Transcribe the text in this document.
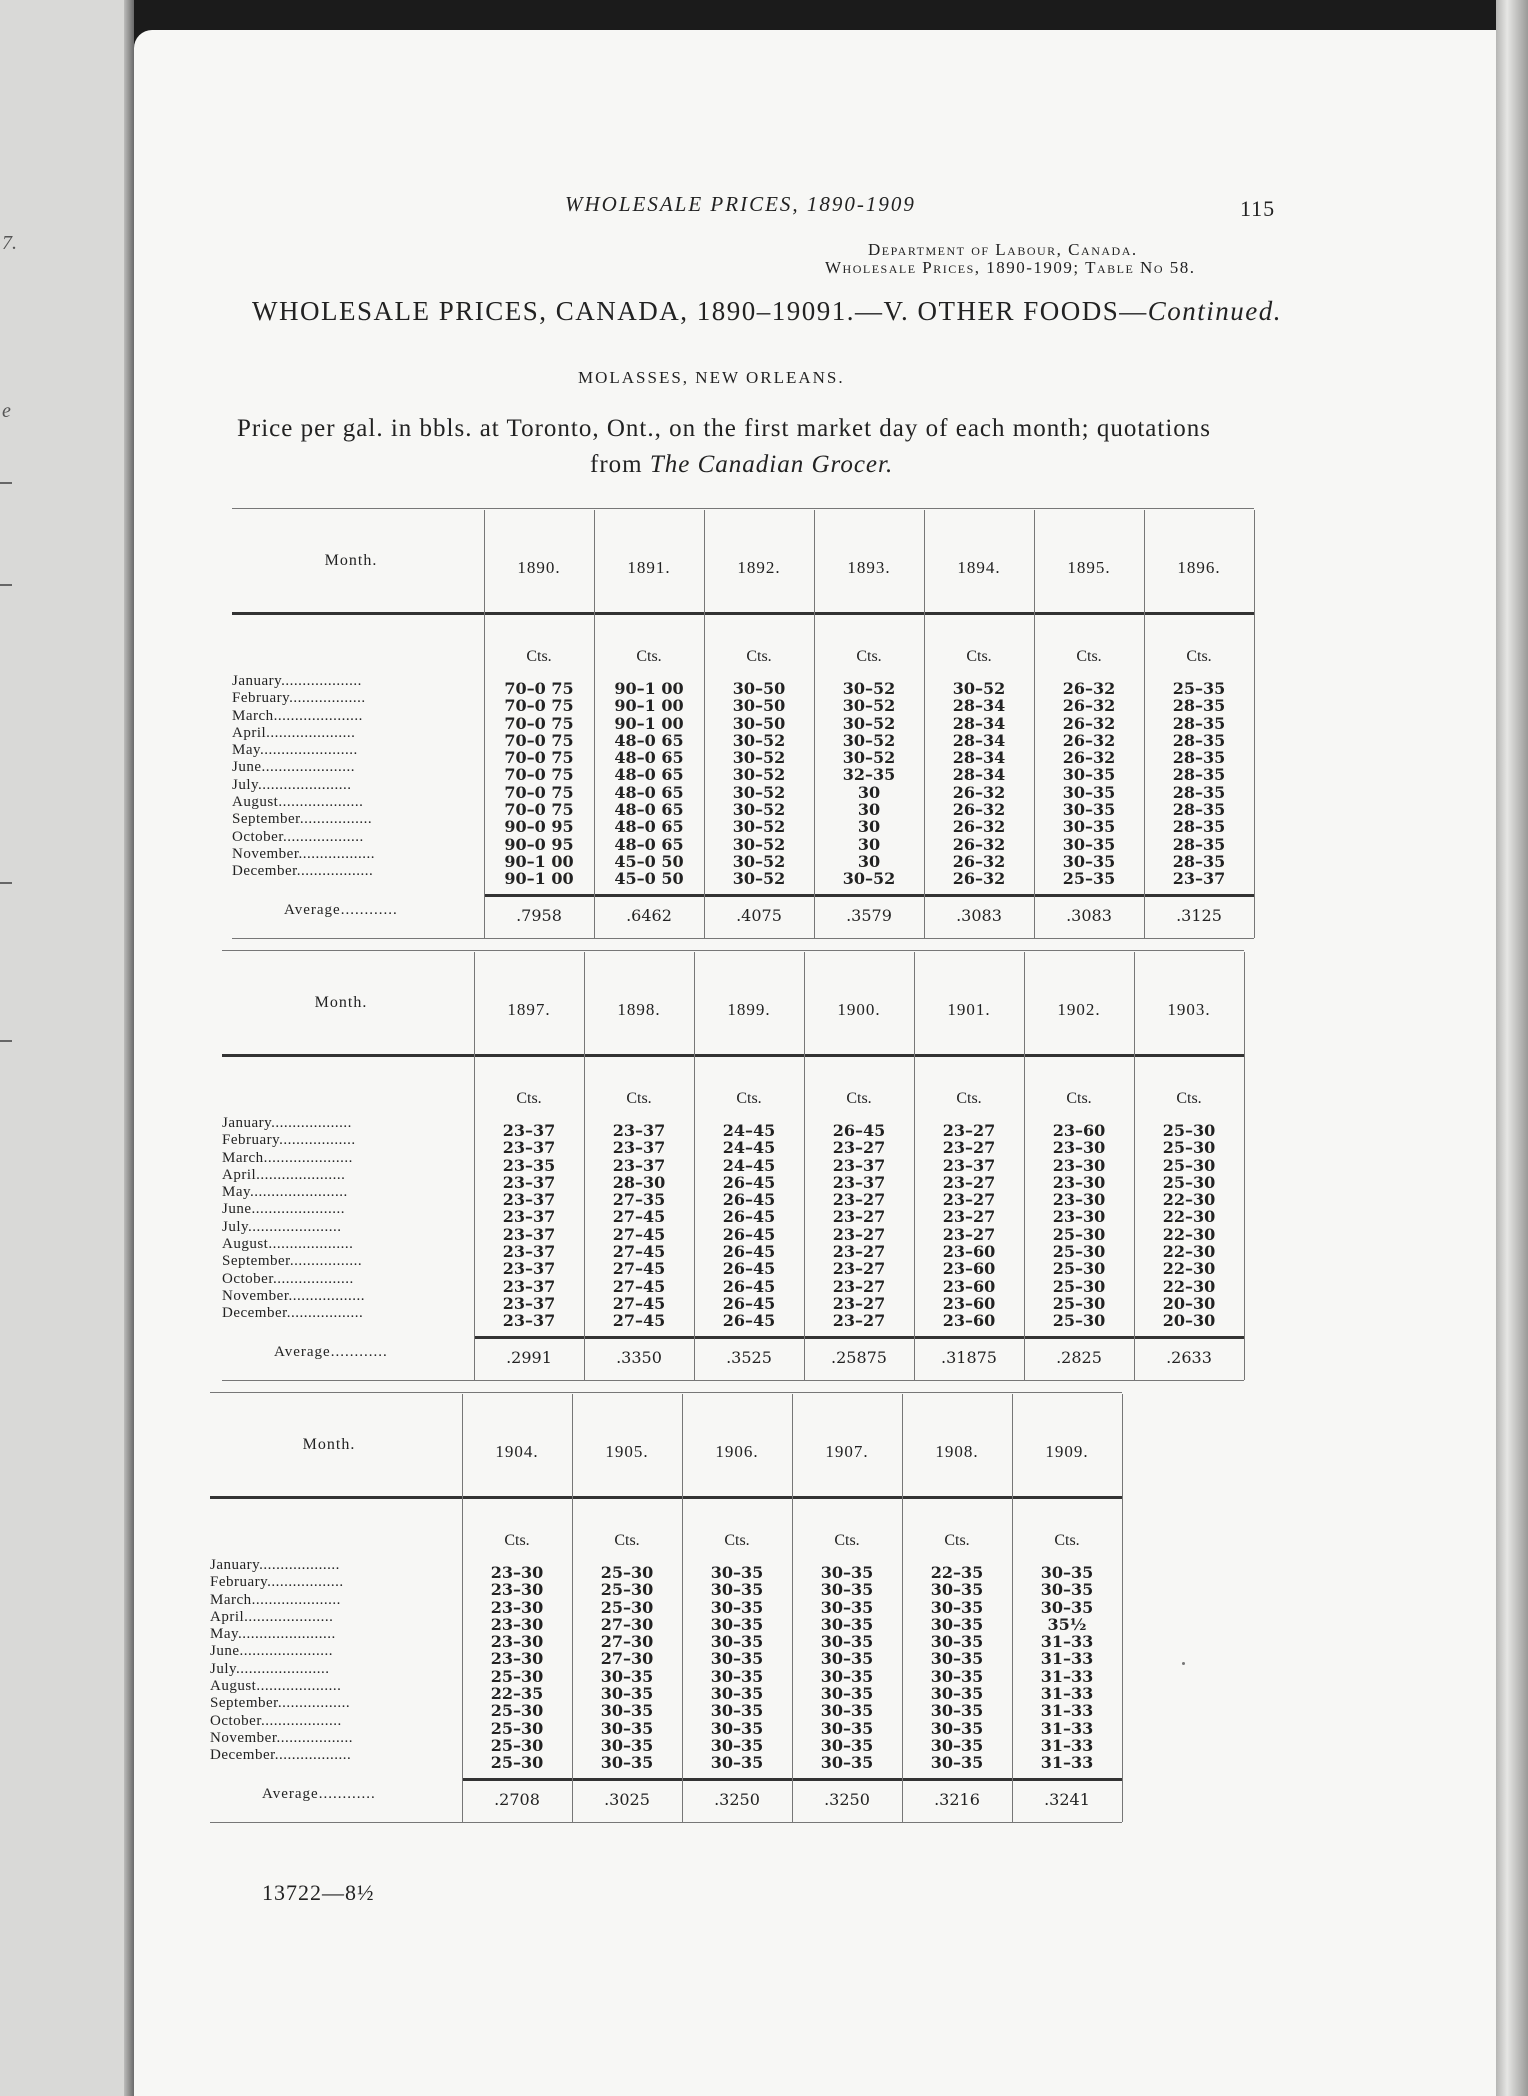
7.
e
WHOLESALE PRICES, 1890-1909	115
Department of Labour, Canada.
Wholesale Prices, 1890-1909; Table No 58.
WHOLESALE PRICES, CANADA, 1890–19091.—V. OTHER FOODS—Continued.
MOLASSES, NEW ORLEANS.
Price per gal. in bbls. at Toronto, Ont., on the first market day of each month; quotations
from The Canadian Grocer.
Month.
January...................
February..................
March.....................
April.....................
May.......................
June......................
July......................
August....................
September.................
October...................
November..................
December..................
Average............
1890.
Cts.
70–0 75
70–0 75
70–0 75
70–0 75
70–0 75
70–0 75
70–0 75
70–0 75
90–0 95
90–0 95
90–1 00
90–1 00
.7958
1891.
Cts.
90–1 00
90–1 00
90–1 00
48–0 65
48–0 65
48–0 65
48–0 65
48–0 65
48–0 65
48–0 65
45–0 50
45–0 50
.6462
1892.
Cts.
30–50
30–50
30–50
30–52
30–52
30–52
30–52
30–52
30–52
30–52
30–52
30–52
.4075
1893.
Cts.
30–52
30–52
30–52
30–52
30–52
32–35
30
30
30
30
30
30–52
.3579
1894.
Cts.
30–52
28–34
28–34
28–34
28–34
28–34
26–32
26–32
26–32
26–32
26–32
26–32
.3083
1895.
Cts.
26–32
26–32
26–32
26–32
26–32
30–35
30–35
30–35
30–35
30–35
30–35
25–35
.3083
1896.
Cts.
25–35
28–35
28–35
28–35
28–35
28–35
28–35
28–35
28–35
28–35
28–35
23–37
.3125
Month.
January...................
February..................
March.....................
April.....................
May.......................
June......................
July......................
August....................
September.................
October...................
November..................
December..................
Average............
1897.
Cts.
23–37
23–37
23–35
23–37
23–37
23–37
23–37
23–37
23–37
23–37
23–37
23–37
.2991
1898.
Cts.
23–37
23–37
23–37
28–30
27–35
27–45
27–45
27–45
27–45
27–45
27–45
27–45
.3350
1899.
Cts.
24–45
24–45
24–45
26–45
26–45
26–45
26–45
26–45
26–45
26–45
26–45
26–45
.3525
1900.
Cts.
26–45
23–27
23–37
23–37
23–27
23–27
23–27
23–27
23–27
23–27
23–27
23–27
.25875
1901.
Cts.
23–27
23–27
23–37
23–27
23–27
23–27
23–27
23–60
23–60
23–60
23–60
23–60
.31875
1902.
Cts.
23–60
23–30
23–30
23–30
23–30
23–30
25–30
25–30
25–30
25–30
25–30
25–30
.2825
1903.
Cts.
25–30
25–30
25–30
25–30
22–30
22–30
22–30
22–30
22–30
22–30
20–30
20–30
.2633
Month.
January...................
February..................
March.....................
April.....................
May.......................
June......................
July......................
August....................
September.................
October...................
November..................
December..................
Average............
1904.
Cts.
23–30
23–30
23–30
23–30
23–30
23–30
25–30
22–35
25–30
25–30
25–30
25–30
.2708
1905.
Cts.
25–30
25–30
25–30
27–30
27–30
27–30
30–35
30–35
30–35
30–35
30–35
30–35
.3025
1906.
Cts.
30–35
30–35
30–35
30–35
30–35
30–35
30–35
30–35
30–35
30–35
30–35
30–35
.3250
1907.
Cts.
30–35
30–35
30–35
30–35
30–35
30–35
30–35
30–35
30–35
30–35
30–35
30–35
.3250
1908.
Cts.
22–35
30–35
30–35
30–35
30–35
30–35
30–35
30–35
30–35
30–35
30–35
30–35
.3216
1909.
Cts.
30–35
30–35
30–35
35½
31–33
31–33
31–33
31–33
31–33
31–33
31–33
31–33
.3241
13722—8½
